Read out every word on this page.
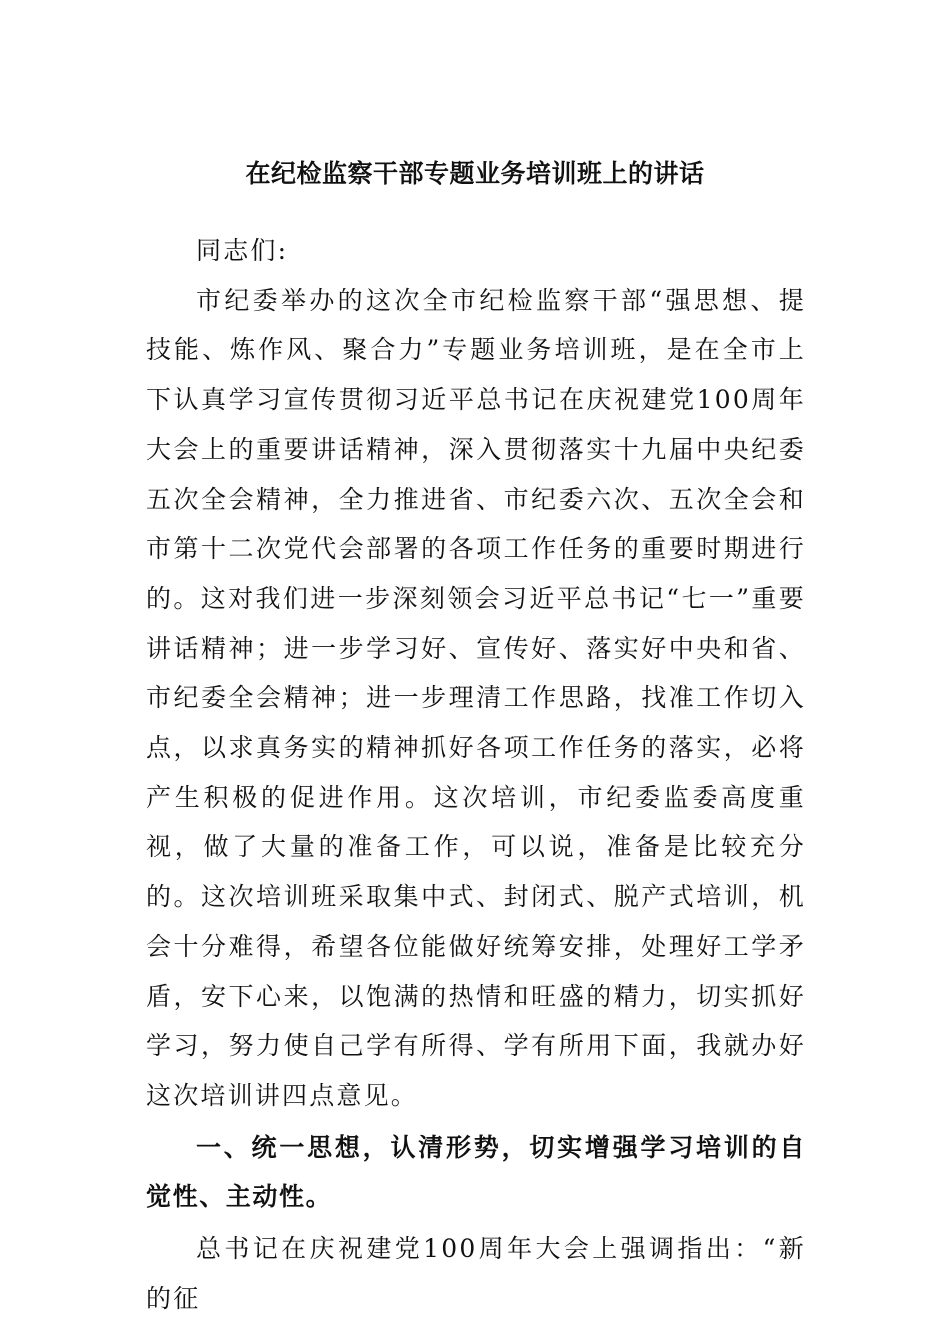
在纪检监察干部专题业务培训班上的讲话

同志们:

市纪委举办的这次全市纪检监察干部“强思想、提技能、炼作风、聚合力”专题业务培训班，是在全市上下认真学习宣传贯彻习近平总书记在庆祝建党100周年大会上的重要讲话精神，深入贯彻落实十九届中央纪委五次全会精神，全力推进省、市纪委六次、五次全会和市第十二次党代会部署的各项工作任务的重要时期进行的。这对我们进一步深刻领会习近平总书记“七一”重要讲话精神；进一步学习好、宣传好、落实好中央和省、市纪委全会精神；进一步理清工作思路，找准工作切入点，以求真务实的精神抓好各项工作任务的落实，必将产生积极的促进作用。这次培训，市纪委监委高度重视，做了大量的准备工作，可以说，准备是比较充分的。这次培训班采取集中式、封闭式、脱产式培训，机会十分难得，希望各位能做好统筹安排，处理好工学矛盾，安下心来，以饱满的热情和旺盛的精力，切实抓好学习，努力使自己学有所得、学有所用下面，我就办好这次培训讲四点意见。

一、统一思想，认清形势，切实增强学习培训的自觉性、主动性。

总书记在庆祝建党100周年大会上强调指出：“新的征
